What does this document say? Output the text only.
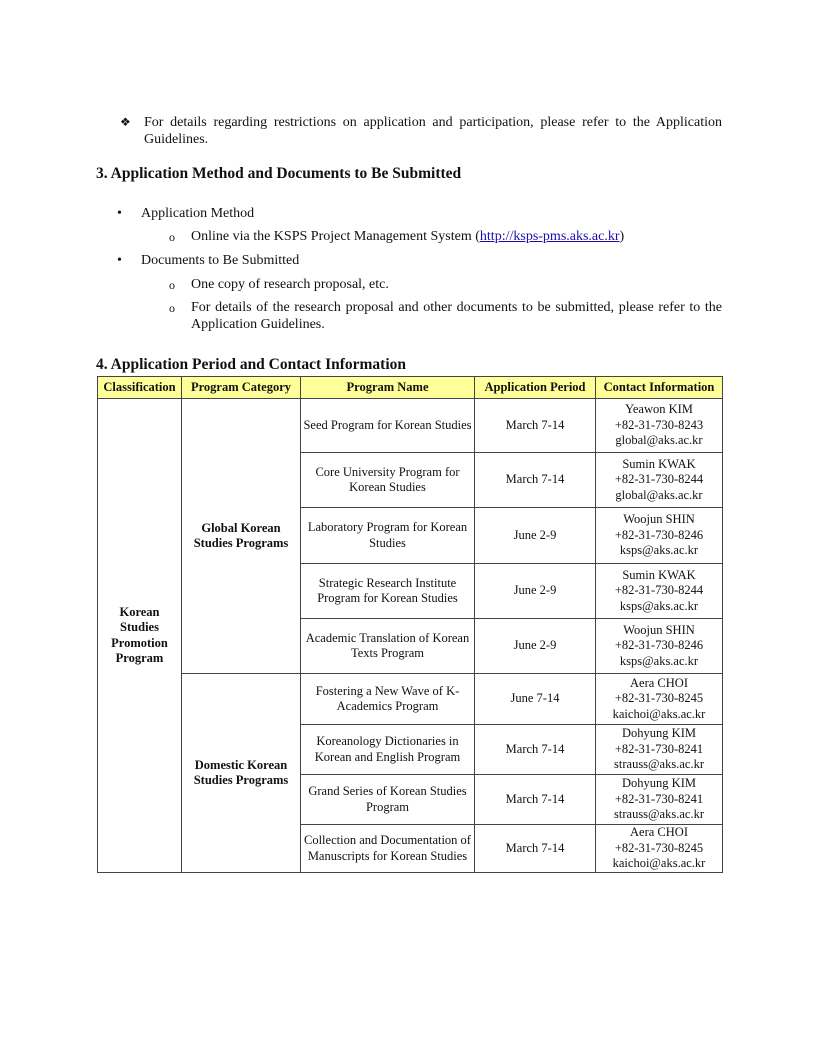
❖ For details regarding restrictions on application and participation, please refer to the Application Guidelines.
3. Application Method and Documents to Be Submitted
• Application Method
o Online via the KSPS Project Management System (http://ksps-pms.aks.ac.kr)
• Documents to Be Submitted
o One copy of research proposal, etc.
o For details of the research proposal and other documents to be submitted, please refer to the Application Guidelines.
4. Application Period and Contact Information
Classification	Program Category	Program Name	Application Period	Contact Information
Korean Studies Promotion Program	Global Korean Studies Programs	Seed Program for Korean Studies	March 7-14	Yeawon KIM
+82-31-730-8243
global@aks.ac.kr

		Core University Program for Korean Studies	March 7-14	Sumin KWAK
+82-31-730-8244
global@aks.ac.kr

		Laboratory Program for Korean Studies	June 2-9	Woojun SHIN
+82-31-730-8246
ksps@aks.ac.kr

		Strategic Research Institute Program for Korean Studies	June 2-9	Sumin KWAK
+82-31-730-8244
ksps@aks.ac.kr

		Academic Translation of Korean Texts Program	June 2-9	Woojun SHIN
+82-31-730-8246
ksps@aks.ac.kr

	Domestic Korean Studies Programs	Fostering a New Wave of K-Academics Program	June 7-14	Aera CHOI
+82-31-730-8245
kaichoi@aks.ac.kr

		Koreanology Dictionaries in Korean and English Program	March 7-14	Dohyung KIM
+82-31-730-8241
strauss@aks.ac.kr

		Grand Series of Korean Studies Program	March 7-14	Dohyung KIM
+82-31-730-8241
strauss@aks.ac.kr

		Collection and Documentation of Manuscripts for Korean Studies	March 7-14	Aera CHOI
+82-31-730-8245
kaichoi@aks.ac.kr
